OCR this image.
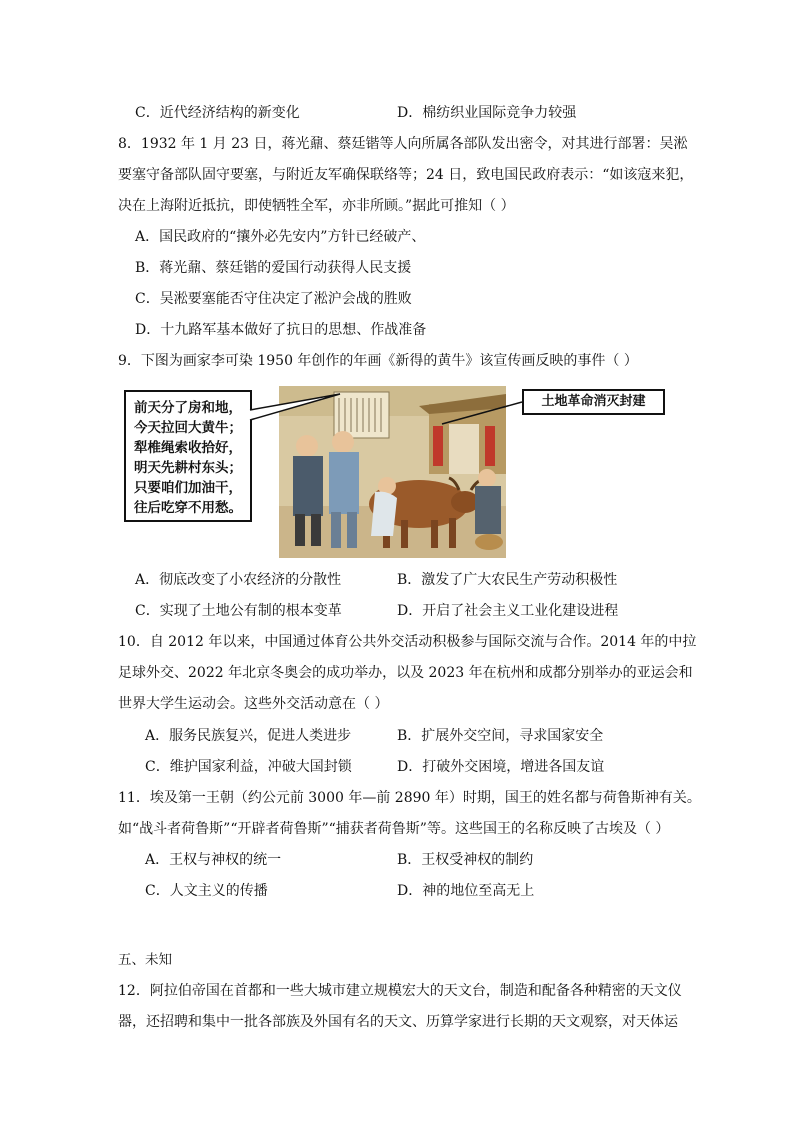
C．近代经济结构的新变化	D．棉纺织业国际竞争力较强
8．1932 年 1 月 23 日，蒋光鼐、蔡廷锴等人向所属各部队发出密令，对其进行部署：吴淞
要塞守备部队固守要塞，与附近友军确保联络等；24 日，致电国民政府表示：“如该寇来犯，
决在上海附近抵抗，即使牺牲全军，亦非所顾。”据此可推知（ ）
A．国民政府的“攘外必先安内”方针已经破产、
B．蒋光鼐、蔡廷锴的爱国行动获得人民支援
C．吴淞要塞能否守住决定了淞沪会战的胜败
D．十九路军基本做好了抗日的思想、作战准备
9．下图为画家李可染 1950 年创作的年画《新得的黄牛》该宣传画反映的事件（ ）
前天分了房和地，
今天拉回大黄牛；
犁椎绳索收拾好，
明天先耕村东头；
只要咱们加油干，
往后吃穿不用愁。
土地革命消灭封建
A．彻底改变了小农经济的分散性	B．激发了广大农民生产劳动积极性
C．实现了土地公有制的根本变革	D．开启了社会主义工业化建设进程
10．自 2012 年以来，中国通过体育公共外交活动积极参与国际交流与合作。2014 年的中拉
足球外交、2022 年北京冬奥会的成功举办，以及 2023 年在杭州和成都分别举办的亚运会和
世界大学生运动会。这些外交活动意在（ ）
A．服务民族复兴，促进人类进步	B．扩展外交空间，寻求国家安全
C．维护国家利益，冲破大国封锁	D．打破外交困境，增进各国友谊
11．埃及第一王朝（约公元前 3000 年—前 2890 年）时期，国王的姓名都与荷鲁斯神有关。
如“战斗者荷鲁斯”“开辟者荷鲁斯”“捕获者荷鲁斯”等。这些国王的名称反映了古埃及（ ）
A．王权与神权的统一	B．王权受神权的制约
C．人文主义的传播	D．神的地位至高无上
五、未知
12．阿拉伯帝国在首都和一些大城市建立规模宏大的天文台，制造和配备各种精密的天文仪
器，还招聘和集中一批各部族及外国有名的天文、历算学家进行长期的天文观察，对天体运
